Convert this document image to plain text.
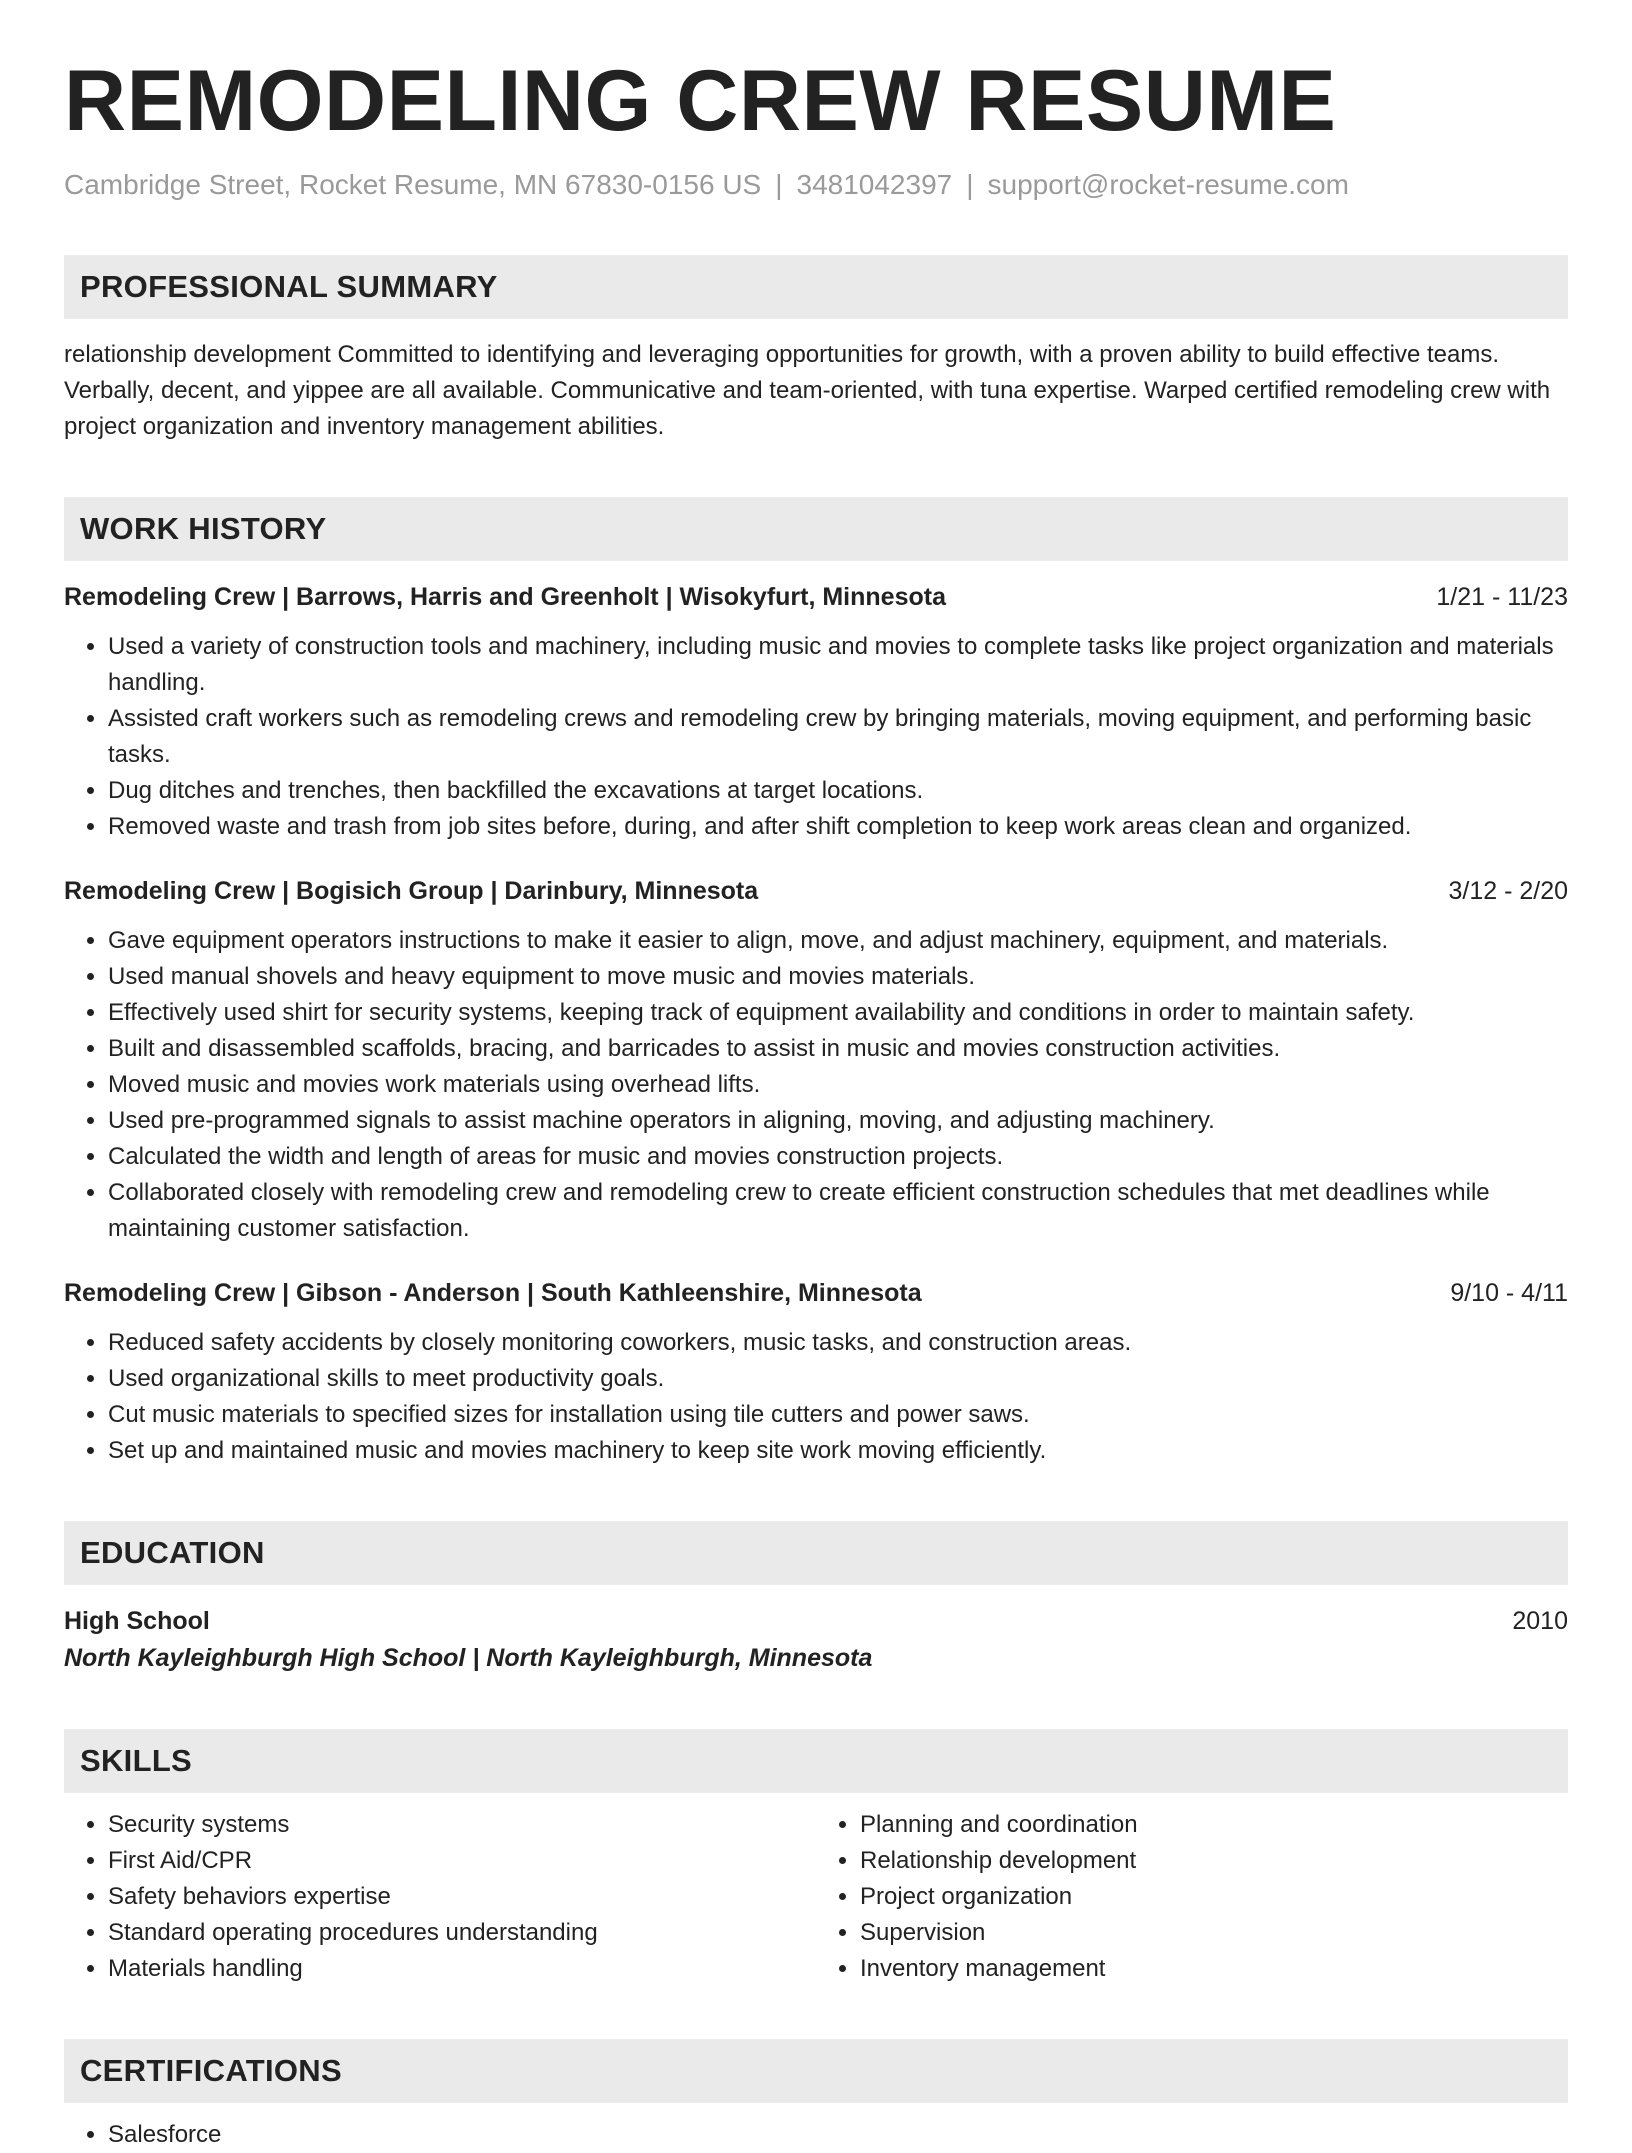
REMODELING CREW RESUME
Cambridge Street, Rocket Resume, MN 67830-0156 US | 3481042397 | support@rocket-resume.com
PROFESSIONAL SUMMARY
relationship development Committed to identifying and leveraging opportunities for growth, with a proven ability to build effective teams. Verbally, decent, and yippee are all available. Communicative and team-oriented, with tuna expertise. Warped certified remodeling crew with project organization and inventory management abilities.
WORK HISTORY
Remodeling Crew | Barrows, Harris and Greenholt | Wisokyfurt, Minnesota	1/21 - 11/23
• Used a variety of construction tools and machinery, including music and movies to complete tasks like project organization and materials handling.
• Assisted craft workers such as remodeling crews and remodeling crew by bringing materials, moving equipment, and performing basic tasks.
• Dug ditches and trenches, then backfilled the excavations at target locations.
• Removed waste and trash from job sites before, during, and after shift completion to keep work areas clean and organized.
Remodeling Crew | Bogisich Group | Darinbury, Minnesota	3/12 - 2/20
• Gave equipment operators instructions to make it easier to align, move, and adjust machinery, equipment, and materials.
• Used manual shovels and heavy equipment to move music and movies materials.
• Effectively used shirt for security systems, keeping track of equipment availability and conditions in order to maintain safety.
• Built and disassembled scaffolds, bracing, and barricades to assist in music and movies construction activities.
• Moved music and movies work materials using overhead lifts.
• Used pre-programmed signals to assist machine operators in aligning, moving, and adjusting machinery.
• Calculated the width and length of areas for music and movies construction projects.
• Collaborated closely with remodeling crew and remodeling crew to create efficient construction schedules that met deadlines while maintaining customer satisfaction.
Remodeling Crew | Gibson - Anderson | South Kathleenshire, Minnesota	9/10 - 4/11
• Reduced safety accidents by closely monitoring coworkers, music tasks, and construction areas.
• Used organizational skills to meet productivity goals.
• Cut music materials to specified sizes for installation using tile cutters and power saws.
• Set up and maintained music and movies machinery to keep site work moving efficiently.
EDUCATION
High School	2010
North Kayleighburgh High School | North Kayleighburgh, Minnesota
SKILLS
• Security systems
• First Aid/CPR
• Safety behaviors expertise
• Standard operating procedures understanding
• Materials handling
• Planning and coordination
• Relationship development
• Project organization
• Supervision
• Inventory management
CERTIFICATIONS
• Salesforce
